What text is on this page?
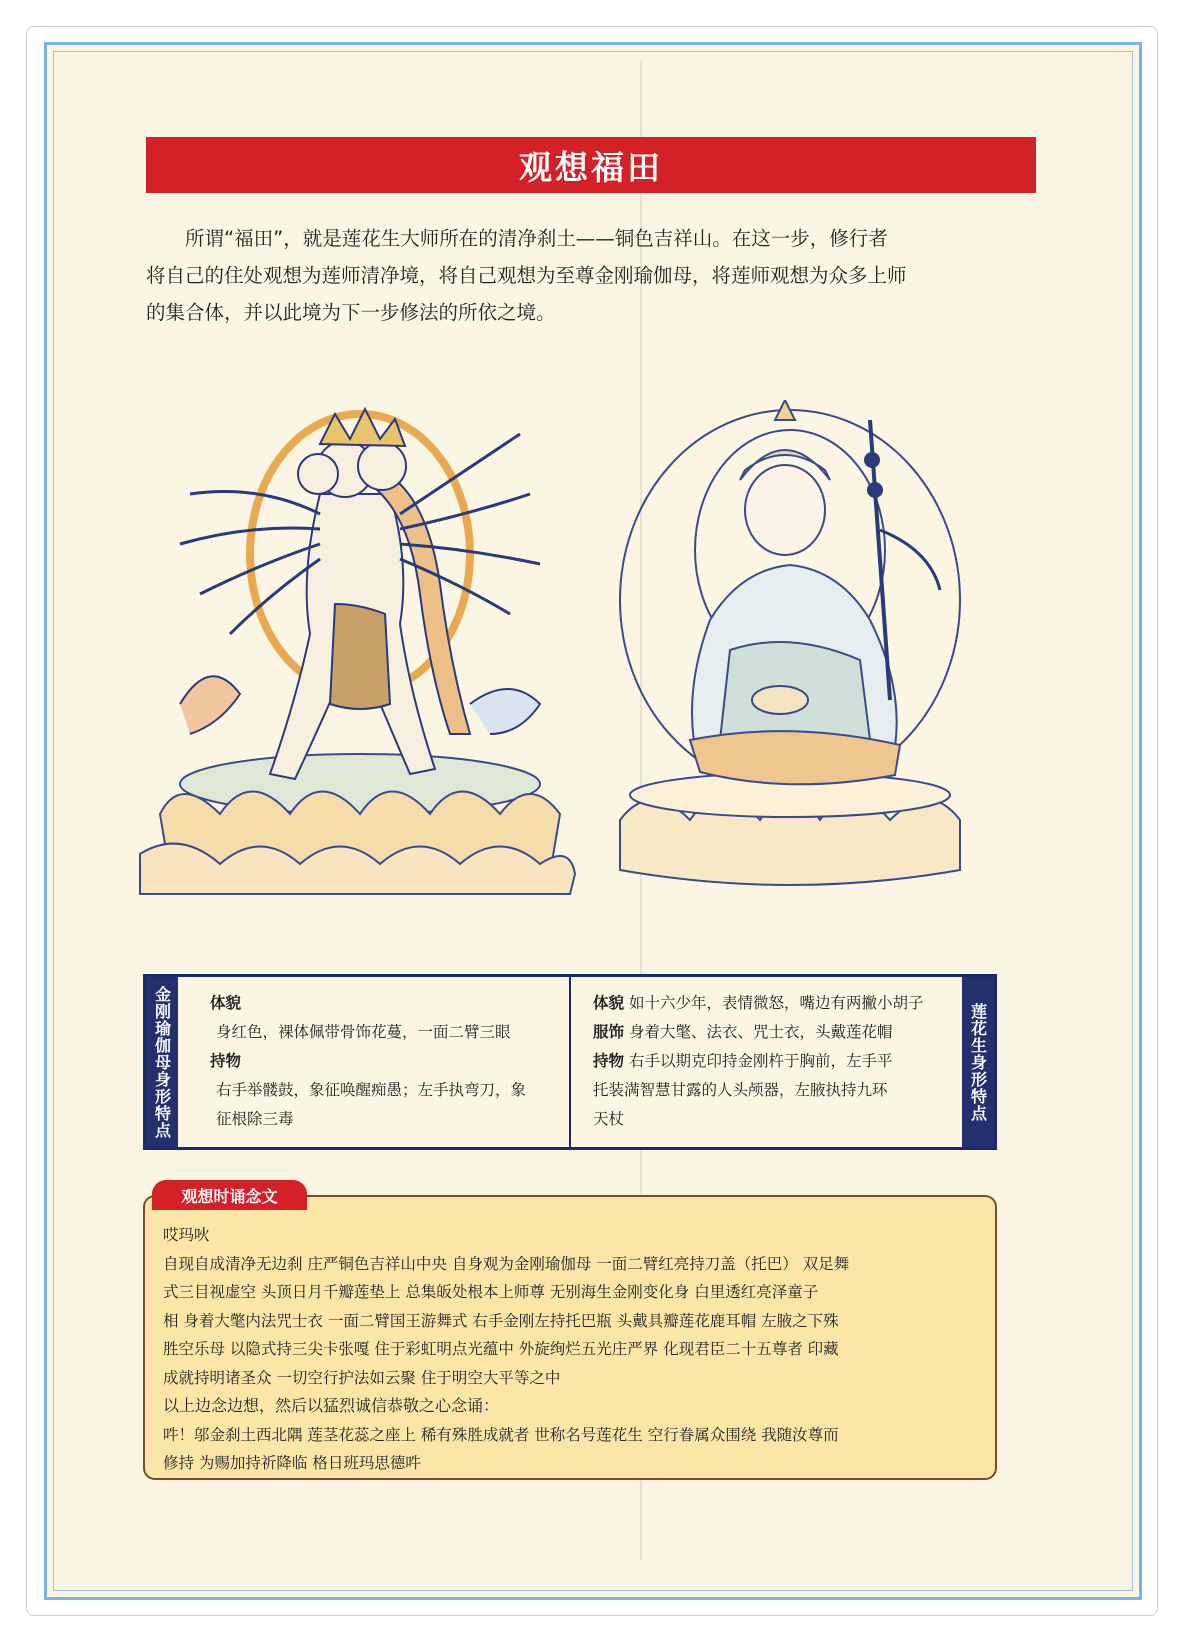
观想福田

所谓“福田”，就是莲花生大师所在的清净刹土——铜色吉祥山。在这一步，修行者

将自己的住处观想为莲师清净境，将自己观想为至尊金刚瑜伽母，将莲师观想为众多上师

的集合体，并以此境为下一步修法的所依之境。

金刚瑜伽母身形特点 体貌
身红色，裸体佩带骨饰花蔓，一面二臂三眼
持物
右手举髅鼓，象征唤醒痴愚；左手执弯刀，象
征根除三毒
体貌 如十六少年，表情微怒，嘴边有两撇小胡子
服饰 身着大氅、法衣、咒士衣，头戴莲花帽
持物 右手以期克印持金刚杵于胸前，左手平
托装满智慧甘露的人头颅器，左腋执持九环
天杖	莲花生身形特点

哎玛吙

自现自成清净无边刹 庄严铜色吉祥山中央 自身观为金刚瑜伽母 一面二臂红亮持刀盖（托巴） 双足舞

式三目视虚空 头顶日月千瓣莲垫上 总集皈处根本上师尊 无别海生金刚变化身 白里透红亮泽童子

相 身着大氅内法咒士衣 一面二臂国王游舞式 右手金刚左持托巴瓶 头戴具瓣莲花鹿耳帽 左腋之下殊

胜空乐母 以隐式持三尖卡张嘎 住于彩虹明点光蕴中 外旋绚烂五光庄严界 化现君臣二十五尊者 印藏

成就持明诸圣众 一切空行护法如云聚 住于明空大平等之中

以上边念边想，然后以猛烈诚信恭敬之心念诵：

吽！邬金刹土西北隅 莲茎花蕊之座上 稀有殊胜成就者 世称名号莲花生 空行眷属众围绕 我随汝尊而

修持 为赐加持祈降临 格日班玛思德吽

观想时诵念文
